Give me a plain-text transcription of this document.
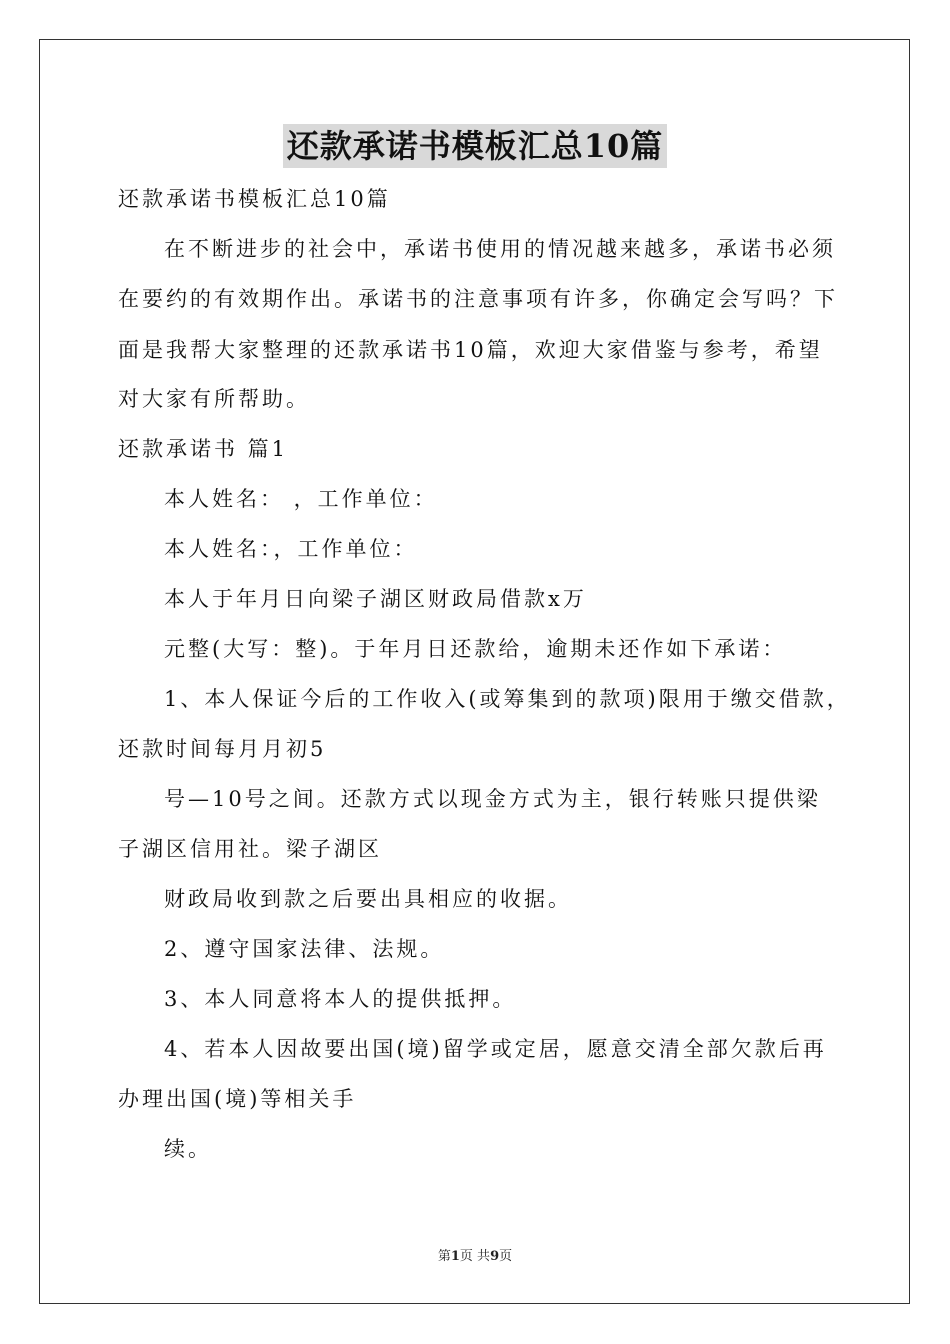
还款承诺书模板汇总10篇
还款承诺书模板汇总10篇
在不断进步的社会中，承诺书使用的情况越来越多，承诺书必须
在要约的有效期作出。承诺书的注意事项有许多，你确定会写吗？下
面是我帮大家整理的还款承诺书10篇，欢迎大家借鉴与参考，希望
对大家有所帮助。
还款承诺书 篇1
本人姓名： ，工作单位：
本人姓名：，工作单位：
本人于年月日向梁子湖区财政局借款x万
元整(大写：整)。于年月日还款给，逾期未还作如下承诺：
1、本人保证今后的工作收入(或筹集到的款项)限用于缴交借款，
还款时间每月月初5
号—10号之间。还款方式以现金方式为主，银行转账只提供梁
子湖区信用社。梁子湖区
财政局收到款之后要出具相应的收据。
2、遵守国家法律、法规。
3、本人同意将本人的提供抵押。
4、若本人因故要出国(境)留学或定居，愿意交清全部欠款后再
办理出国(境)等相关手
续。
第1页 共9页
